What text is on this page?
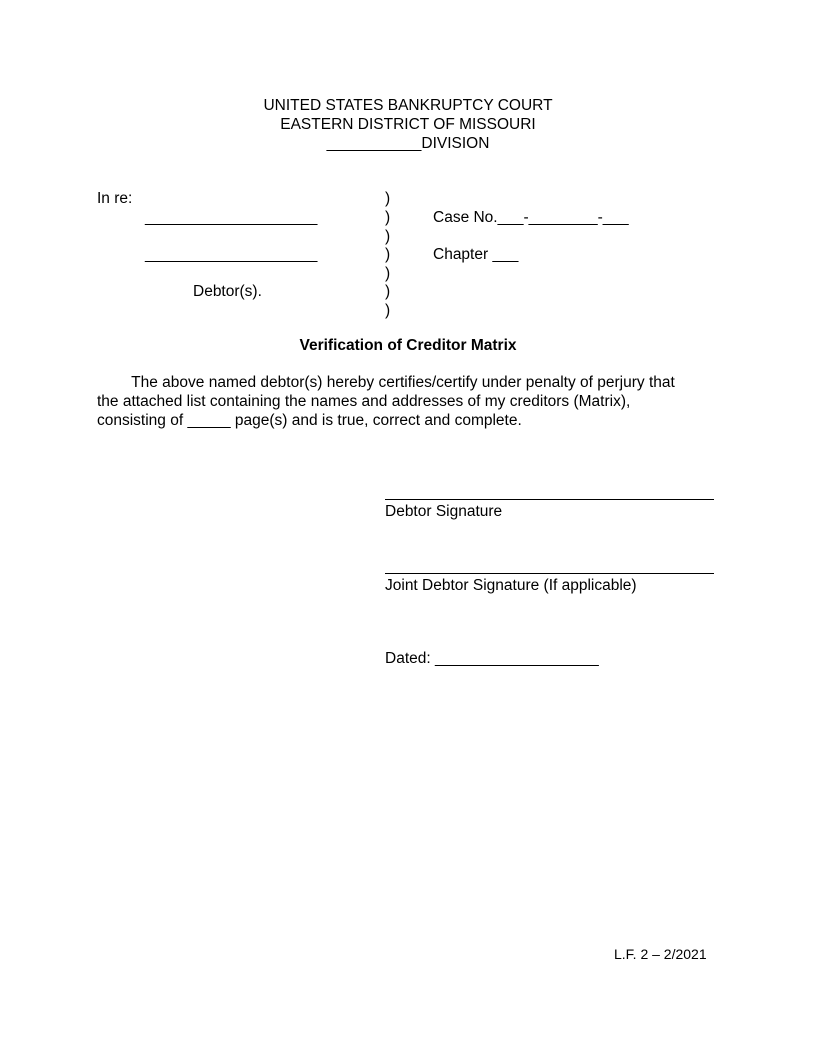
UNITED STATES BANKRUPTCY COURT
EASTERN DISTRICT OF MISSOURI
___________DIVISION
In re:
____________________
____________________
Debtor(s).
)
)
)
)
)
)
)
Case No.___-________-___
Chapter ___
Verification of Creditor Matrix
The above named debtor(s) hereby certifies/certify under penalty of perjury that
the attached list containing the names and addresses of my creditors (Matrix),
consisting of _____ page(s) and is true, correct and complete.
Debtor Signature
Joint Debtor Signature (If applicable)
Dated: ___________________
L.F. 2 – 2/2021
